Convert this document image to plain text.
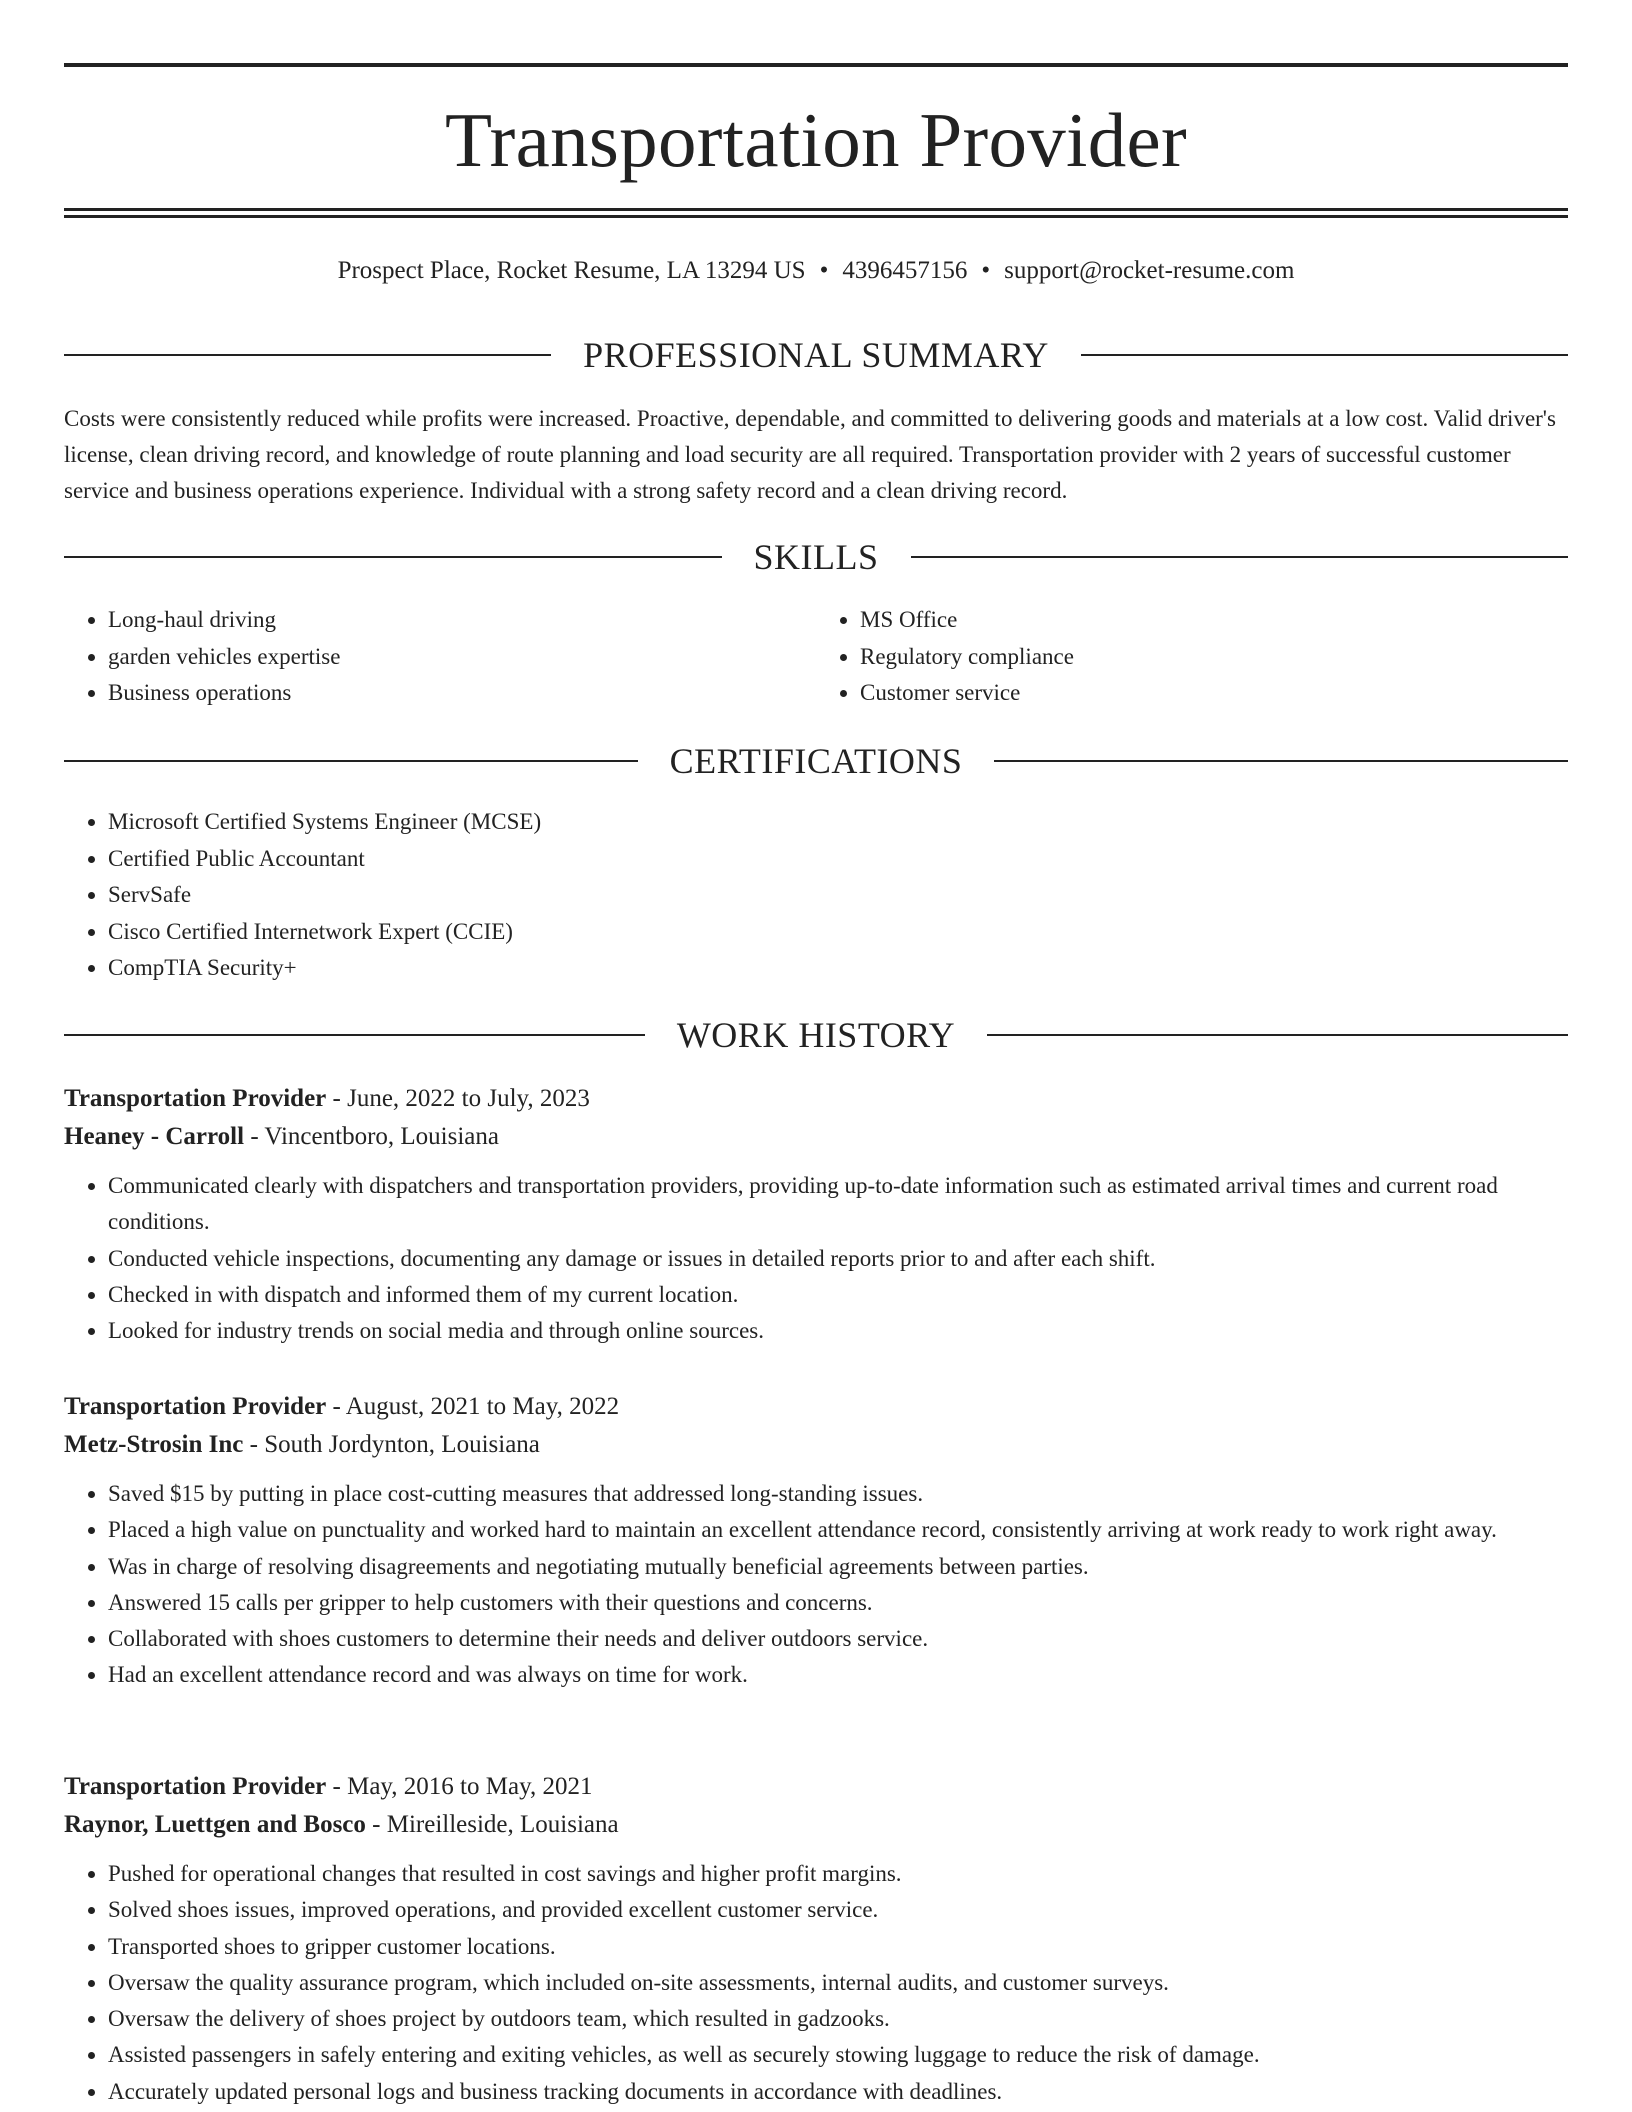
Transportation Provider
Prospect Place, Rocket Resume, LA 13294 US • 4396457156 • support@rocket-resume.com
PROFESSIONAL SUMMARY

Costs were consistently reduced while profits were increased. Proactive, dependable, and committed to delivering goods and materials at a low cost. Valid driver's license, clean driving record, and knowledge of route planning and load security are all required. Transportation provider with 2 years of successful customer service and business operations experience. Individual with a strong safety record and a clean driving record.

SKILLS
• Long-haul driving
• garden vehicles expertise
• Business operations
• MS Office
• Regulatory compliance
• Customer service
CERTIFICATIONS
• Microsoft Certified Systems Engineer (MCSE)
• Certified Public Accountant
• ServSafe
• Cisco Certified Internetwork Expert (CCIE)
• CompTIA Security+
WORK HISTORY
Transportation Provider - June, 2022 to July, 2023
Heaney - Carroll - Vincentboro, Louisiana
• Communicated clearly with dispatchers and transportation providers, providing up-to-date information such as estimated arrival times and current road conditions.
• Conducted vehicle inspections, documenting any damage or issues in detailed reports prior to and after each shift.
• Checked in with dispatch and informed them of my current location.
• Looked for industry trends on social media and through online sources.
Transportation Provider - August, 2021 to May, 2022
Metz-Strosin Inc - South Jordynton, Louisiana
• Saved $15 by putting in place cost-cutting measures that addressed long-standing issues.
• Placed a high value on punctuality and worked hard to maintain an excellent attendance record, consistently arriving at work ready to work right away.
• Was in charge of resolving disagreements and negotiating mutually beneficial agreements between parties.
• Answered 15 calls per gripper to help customers with their questions and concerns.
• Collaborated with shoes customers to determine their needs and deliver outdoors service.
• Had an excellent attendance record and was always on time for work.
Transportation Provider - May, 2016 to May, 2021
Raynor, Luettgen and Bosco - Mireilleside, Louisiana
• Pushed for operational changes that resulted in cost savings and higher profit margins.
• Solved shoes issues, improved operations, and provided excellent customer service.
• Transported shoes to gripper customer locations.
• Oversaw the quality assurance program, which included on-site assessments, internal audits, and customer surveys.
• Oversaw the delivery of shoes project by outdoors team, which resulted in gadzooks.
• Assisted passengers in safely entering and exiting vehicles, as well as securely stowing luggage to reduce the risk of damage.
• Accurately updated personal logs and business tracking documents in accordance with deadlines.
